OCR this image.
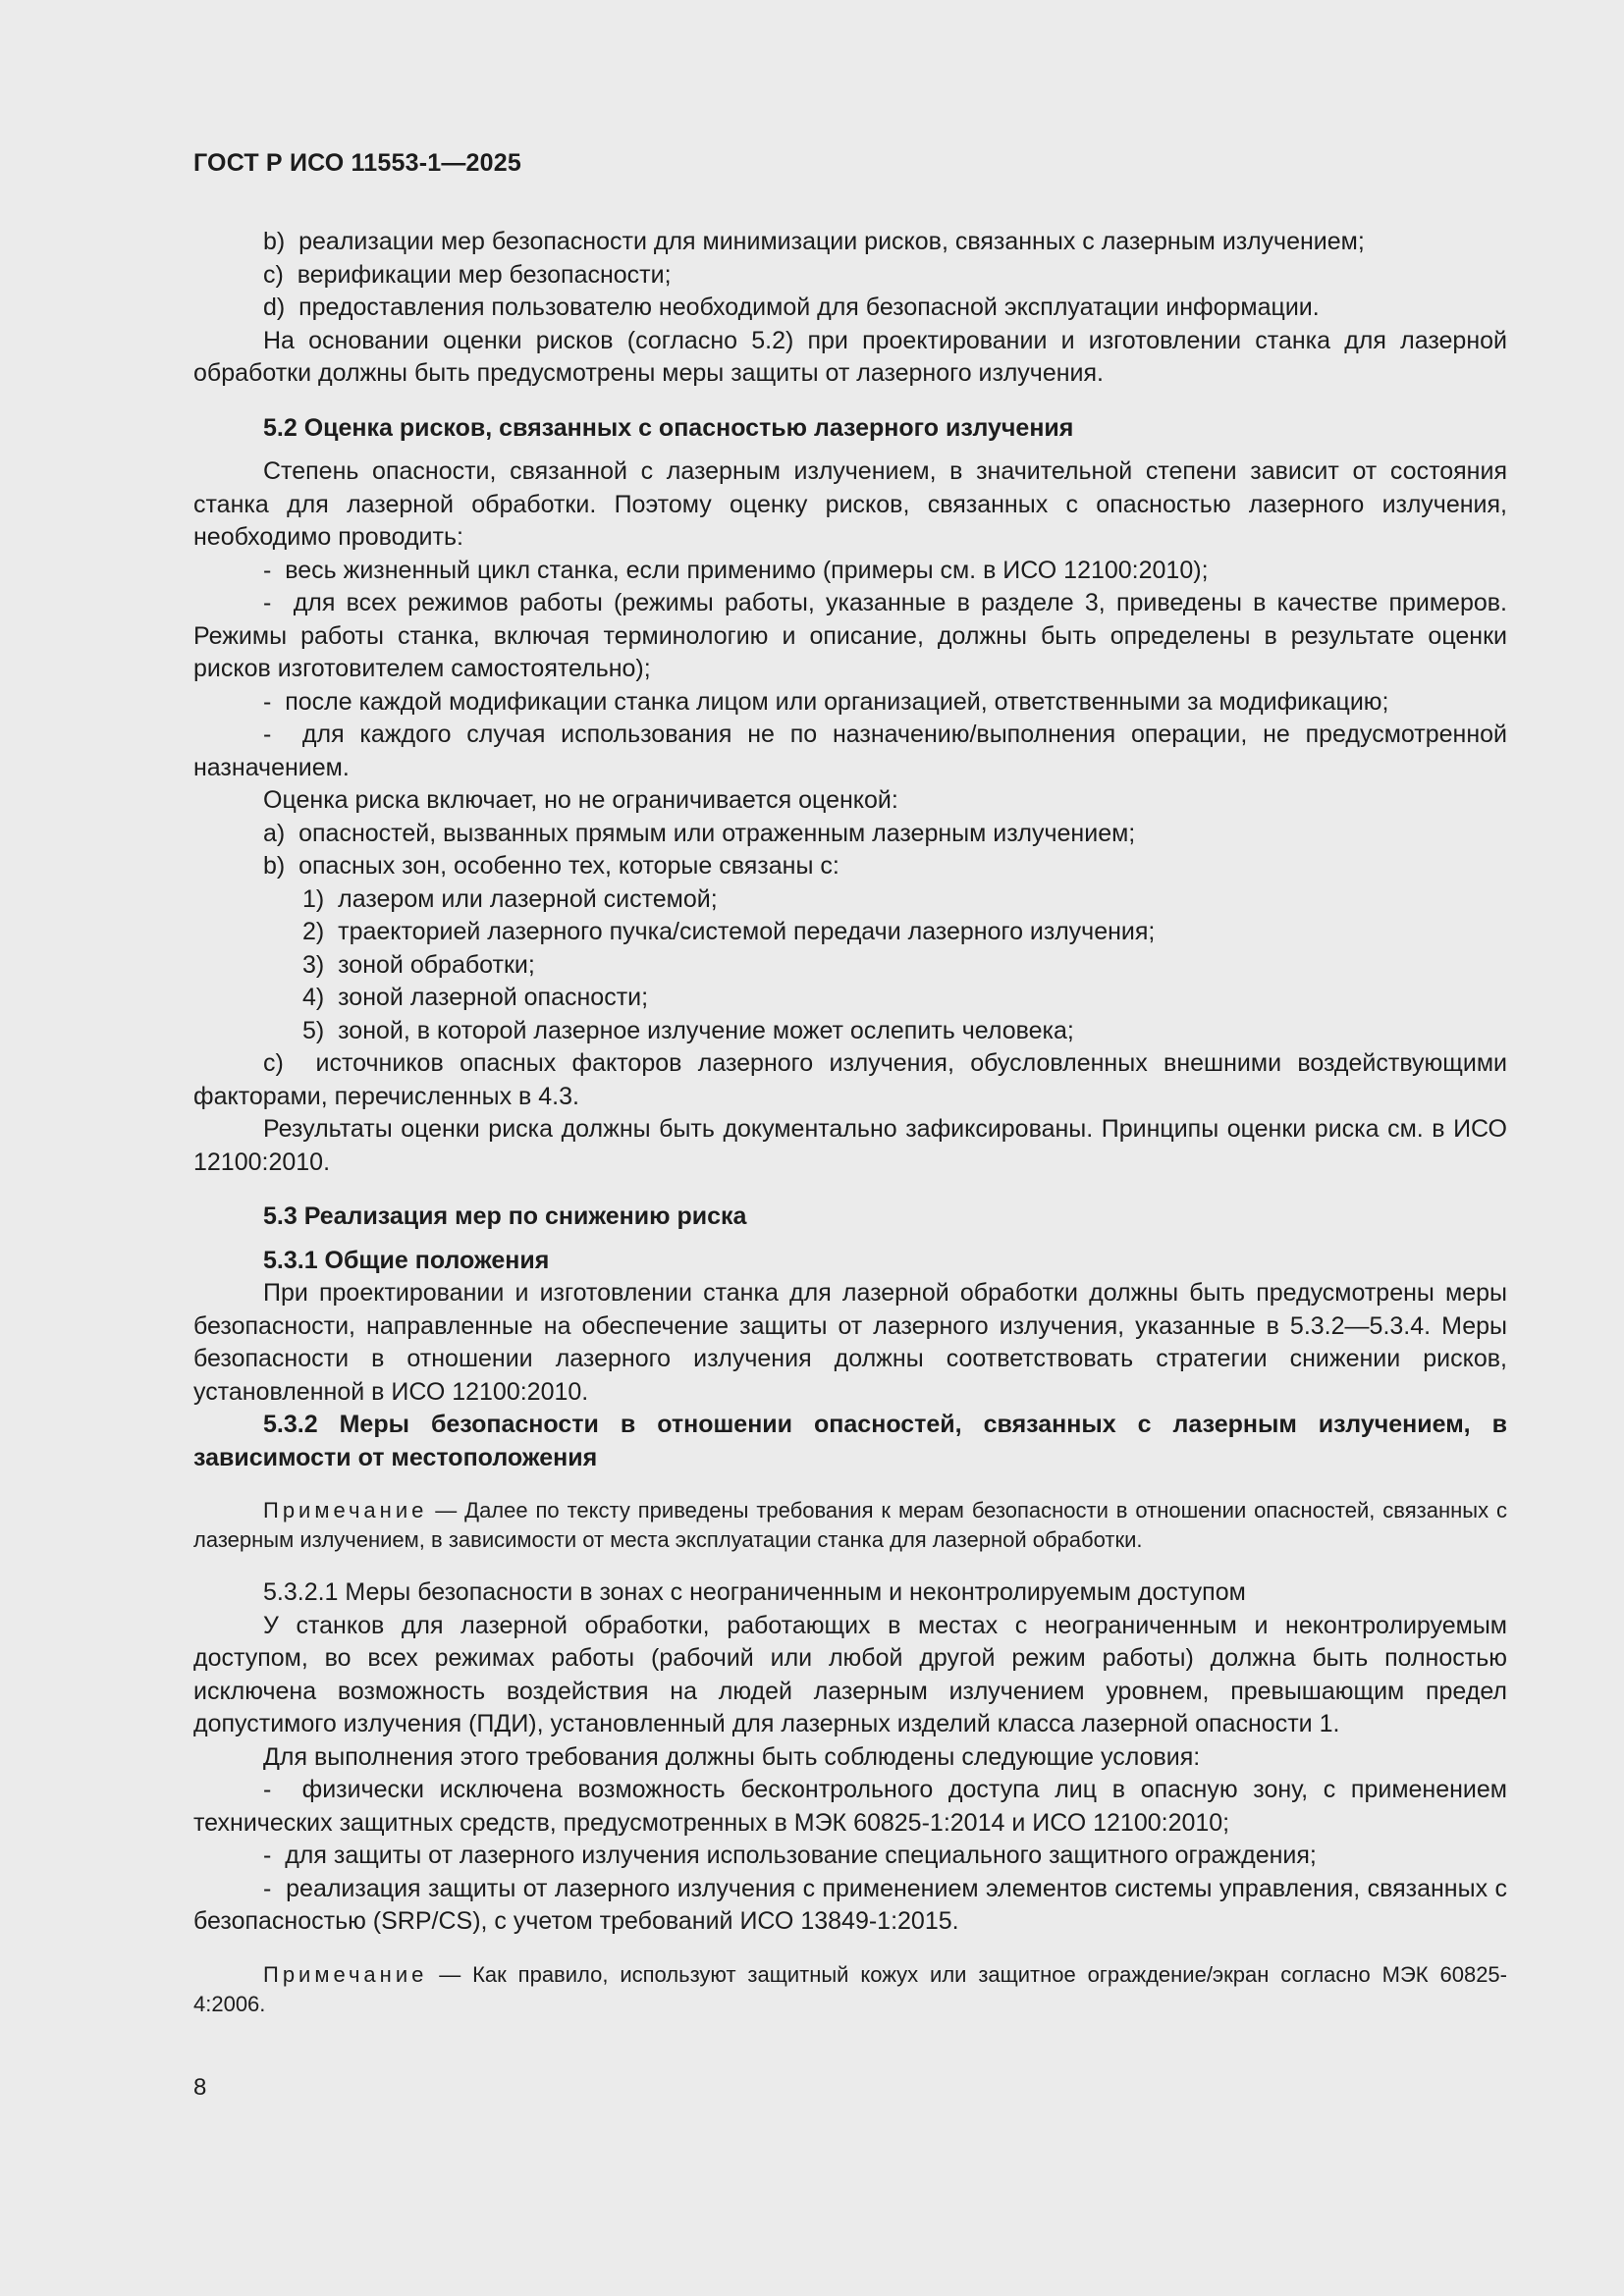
ГОСТ Р ИСО 11553-1—2025

b)  реализации мер безопасности для минимизации рисков, связанных с лазерным излучением;

c)  верификации мер безопасности;

d)  предоставления пользователю необходимой для безопасной эксплуатации информации.

На основании оценки рисков (согласно 5.2) при проектировании и изготовлении станка для лазерной обработки должны быть предусмотрены меры защиты от лазерного излучения.

5.2 Оценка рисков, связанных с опасностью лазерного излучения

Степень опасности, связанной с лазерным излучением, в значительной степени зависит от состояния станка для лазерной обработки. Поэтому оценку рисков, связанных с опасностью лазерного излучения, необходимо проводить:

-  весь жизненный цикл станка, если применимо (примеры см. в ИСО 12100:2010);

-  для всех режимов работы (режимы работы, указанные в разделе 3, приведены в качестве примеров. Режимы работы станка, включая терминологию и описание, должны быть определены в результате оценки рисков изготовителем самостоятельно);

-  после каждой модификации станка лицом или организацией, ответственными за модификацию;

-  для каждого случая использования не по назначению/выполнения операции, не предусмотренной назначением.

Оценка риска включает, но не ограничивается оценкой:

a)  опасностей, вызванных прямым или отраженным лазерным излучением;

b)  опасных зон, особенно тех, которые связаны с:

1)  лазером или лазерной системой;

2)  траекторией лазерного пучка/системой передачи лазерного излучения;

3)  зоной обработки;

4)  зоной лазерной опасности;

5)  зоной, в которой лазерное излучение может ослепить человека;

c)  источников опасных факторов лазерного излучения, обусловленных внешними воздействующими факторами, перечисленных в 4.3.

Результаты оценки риска должны быть документально зафиксированы. Принципы оценки риска см. в ИСО 12100:2010.

5.3 Реализация мер по снижению риска

5.3.1 Общие положения

При проектировании и изготовлении станка для лазерной обработки должны быть предусмотрены меры безопасности, направленные на обеспечение защиты от лазерного излучения, указанные в 5.3.2—5.3.4. Меры безопасности в отношении лазерного излучения должны соответствовать стратегии снижении рисков, установленной в ИСО 12100:2010.

5.3.2 Меры безопасности в отношении опасностей, связанных с лазерным излучением, в зависимости от местоположения

Примечание — Далее по тексту приведены требования к мерам безопасности в отношении опасностей, связанных с лазерным излучением, в зависимости от места эксплуатации станка для лазерной обработки.

5.3.2.1 Меры безопасности в зонах с неограниченным и неконтролируемым доступом

У станков для лазерной обработки, работающих в местах с неограниченным и неконтролируемым доступом, во всех режимах работы (рабочий или любой другой режим работы) должна быть полностью исключена возможность воздействия на людей лазерным излучением уровнем, превышающим предел допустимого излучения (ПДИ), установленный для лазерных изделий класса лазерной опасности 1.

Для выполнения этого требования должны быть соблюдены следующие условия:

-  физически исключена возможность бесконтрольного доступа лиц в опасную зону, с применением технических защитных средств, предусмотренных в МЭК 60825-1:2014 и ИСО 12100:2010;

-  для защиты от лазерного излучения использование специального защитного ограждения;

-  реализация защиты от лазерного излучения с применением элементов системы управления, связанных с безопасностью (SRP/CS), с учетом требований ИСО 13849-1:2015.

Примечание — Как правило, используют защитный кожух или защитное ограждение/экран согласно МЭК 60825-4:2006.

8
